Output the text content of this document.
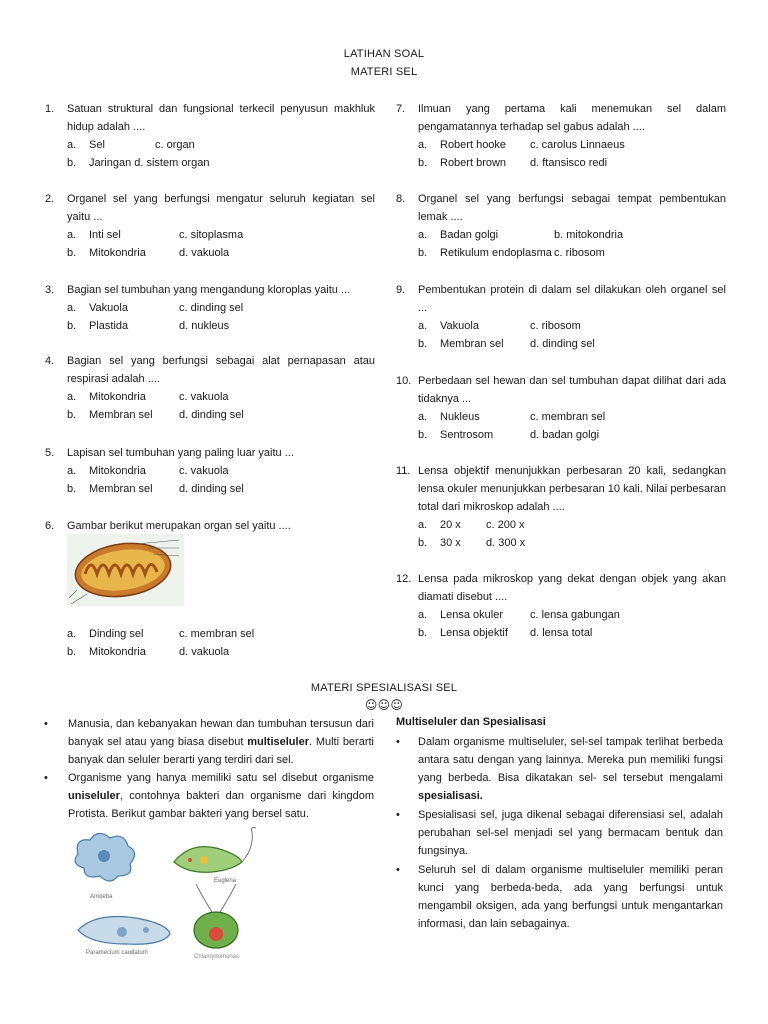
LATIHAN SOAL
MATERI SEL
1. Satuan struktural dan fungsional terkecil penyusun makhluk hidup adalah ....
a. Sel	c. organ
b. Jaringan d. sistem organ
2. Organel sel yang berfungsi mengatur seluruh kegiatan sel yaitu ...
a. Inti sel	c. sitoplasma
b. Mitokondria	d. vakuola
3. Bagian sel tumbuhan yang mengandung kloroplas yaitu ...
a. Vakuola	c. dinding sel
b. Plastida	d. nukleus
4. Bagian sel yang berfungsi sebagai alat pernapasan atau respirasi adalah ....
a. Mitokondria	c. vakuola
b. Membran sel d. dinding sel
5. Lapisan sel tumbuhan yang paling luar yaitu ...
a. Mitokondria	c. vakuola
b. Membran sel d. dinding sel
6. Gambar berikut merupakan organ sel yaitu ....
a. Dinding sel	c. membran sel
b. Mitokondria	d. vakuola
7. Ilmuan yang pertama kali menemukan sel dalam pengamatannya terhadap sel gabus adalah ....
a. Robert hooke c. carolus Linnaeus
b. Robert brown d. ftansisco redi
8. Organel sel yang berfungsi sebagai tempat pembentukan lemak ....
a. Badan golgi	b. mitokondria
b. Retikulum endoplasma c. ribosom
9. Pembentukan protein di dalam sel dilakukan oleh organel sel ...
a. Vakuola	c. ribosom
b. Membran sel d. dinding sel
10. Perbedaan sel hewan dan sel tumbuhan dapat dilihat dari ada tidaknya ...
a. Nukleus	c. membran sel
b. Sentrosom	d. badan golgi
11. Lensa objektif menunjukkan perbesaran 20 kali, sedangkan lensa okuler menunjukkan perbesaran 10 kali. Nilai perbesaran total dari mikroskop adalah ....
a. 20 x c. 200 x
b. 30 x d. 300 x
12. Lensa pada mikroskop yang dekat dengan objek yang akan diamati disebut ....
a. Lensa okuler c. lensa gabungan
b. Lensa objektif d. lensa total
MATERI SPESIALISASI SEL
☺☺☺
• Manusia, dan kebanyakan hewan dan tumbuhan tersusun dari banyak sel atau yang biasa disebut multiseluler. Multi berarti banyak dan seluler berarti yang terdiri dari sel.
• Organisme yang hanya memiliki satu sel disebut organisme uniseluler, contohnya bakteri dan organisme dari kingdom Protista. Berikut gambar bakteri yang bersel satu.
Amoeba
Euglena
Paramecium caudatum
Chlamydomonas
Multiseluler dan Spesialisasi
• Dalam organisme multiseluler, sel-sel tampak terlihat berbeda antara satu dengan yang lainnya. Mereka pun memiliki fungsi yang berbeda. Bisa dikatakan sel- sel tersebut mengalami spesialisasi.
• Spesialisasi sel, juga dikenal sebagai diferensiasi sel, adalah perubahan sel-sel menjadi sel yang bermacam bentuk dan fungsinya.
• Seluruh sel di dalam organisme multiseluler memiliki peran kunci yang berbeda-beda, ada yang berfungsi untuk mengambil oksigen, ada yang berfungsi untuk mengantarkan informasi, dan lain sebagainya.
